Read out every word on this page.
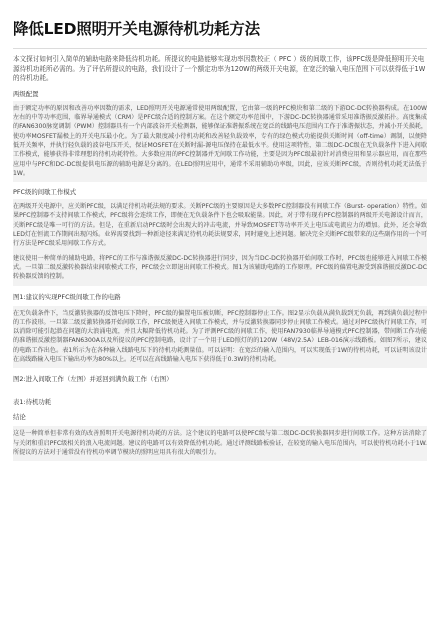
降低LED照明开关电源待机功耗方法

本文探讨如何引入简单的辅助电路来降低待机功耗。所提议的电路能够实现功率因数校正（ PFC ）级的间歇工作，该PFC级是降低照明开关电源待机功耗所必需的。为了评估所提议的电路，我们设计了一个额定功率为120W的两级开关电源，在宽泛的输入电压范围下可以获得低于1W的待机功耗。

两级配置

由于额定功率的原因和改善功率因数的需求，LED照明开关电源通常使用两级配置，它由第一级的PFC模块和第二级的下游DC-DC转换器构成。在100W左右的中等功率范围，临界导通模式（CRM）是PFC级合适的控制方案。在这个额定功率范围中，下游DC-DC转换器通常采用准谐振反激拓扑。高度集成的FAN6300脉宽调制（PWM）控制器具有一个内部波谷开关检测器，能够保证准谐振系统在宽泛的线路电压范围内工作于准谐振状态，并减小开关损耗，使功率MOSFET漏极上的开关电压最小化。为了最大限度减小待机功耗和改善轻负载效率，专有的绿色模式功能提供关断时间（off-time）调制，以便降低开关频率，并执行轻负载的波谷电压开关，保证MOSFET在关断时漏-源电压保持在最低水平。使用这项特性，第二级DC-DC级在无负载条件下进入间歇工作模式，能够获得非常理想的待机功耗特性。大多数应用的PFC控制器并无间歇工作功能，主要是因为PFC级最初针对消费应用和显示器应用，而在那些应用中与PFC和DC-DC级提供电压源的辅助电源是分离的。在LED照明应用中，通常不采用辅助功率级，因此，应该关断PFC级，否则待机功耗无法低于1W。

PFC级的间歇工作模式

在两级开关电源中，应关断PFC级，以满足待机功耗法规的要求。关断PFC级的主要原因是大多数PFC控制器没有间歇工作（Burst- operation）特性。如果PFC控制器不支持间歇工作模式，PFC级将会连续工作，即便在无负载条件下也会吸取能量。因此，对于带有现有PFC控制器的两级开关电源设计而言，关断PFC级是唯一可行的方法。但是，在重新启动PFC级时会出现大的冲击电流，并导致MOSFET等功率开关上电压或电流应力的增加。此外，还会导致LED灯在恒流工作期间出现闪烁。业界需要找到一种新途径来满足待机功耗法规要求，同时避免上述问题。解决完全关断PFC级带来的这些副作用的一个可行方法是PFC级采用间歇工作方式。

建议使用一种简单的辅助电路，将PFC的工作与准谐振反激DC-DC转换器进行同步，因为当DC-DC转换器开始间歇工作时，PFC级也能够进入间歇工作模式。一旦第二级反激转换器结束间歇模式工作，PFC级会立即退出间歇工作模式。图1为该辅助电路的工作原理。PFC级的偏置电源受到准谐振反激DC-DC转换器反馈的控制。

图1:建议的实现PFC级间歇工作的电路

在无负载条件下，当反激转换器的反馈电压下降时，PFC级的偏置电压被切断，PFC控制器停止工作。图2显示负载从满负载到无负载，再到满负载过程中的工作波形。一旦第二级反激转换器开始间歇工作，PFC级便进入间歇工作模式，并与反激转换器同步停止间歇工作模式。通过对PFC级执行间歇工作，可以消除可能引起潜在问题的大浪涌电流，并且大幅降低待机功耗。为了评测PFC级的间歇工作，使用FAN7930临界导通模式PFC控制器，带间断工作功能的准谐振反激控制器FAN6300A以及所提议的PFC控制电路，设计了一个用于LED照灯的的120W（48V/2.5A）LEB-016演示线路板。如图7所示，建议的电路工作出色。表1所示为在各种输入线路电压下的待机功耗测量值。可以证明：在宽泛的输入范围内，可以实现低于1W的待机功耗，可以证明该设计在高线路输入电压下输出功率为80%以上。还可以在高线路输入电压下获得低于0.3W的待机功耗。

图2:进入间歇工作（左图）并返回到满负载工作（右图）
表1:待机功耗
结论

这是一种简单但非常有效的改善照明开关电源待机功耗的方法。这个建议的电路可以使PFC级与第二级DC-DC转换器同步进行间歇工作。这种方法消除了与关闭和重启PFC级相关的浪入电流问题。建议的电路可以有效降低待机功耗。通过评测线路板验证，在较宽的输入电压范围内，可以使待机功耗小于1W.所提议的方法对于通常没有待机功率调节模块的照明应用具有很大的吸引力。
